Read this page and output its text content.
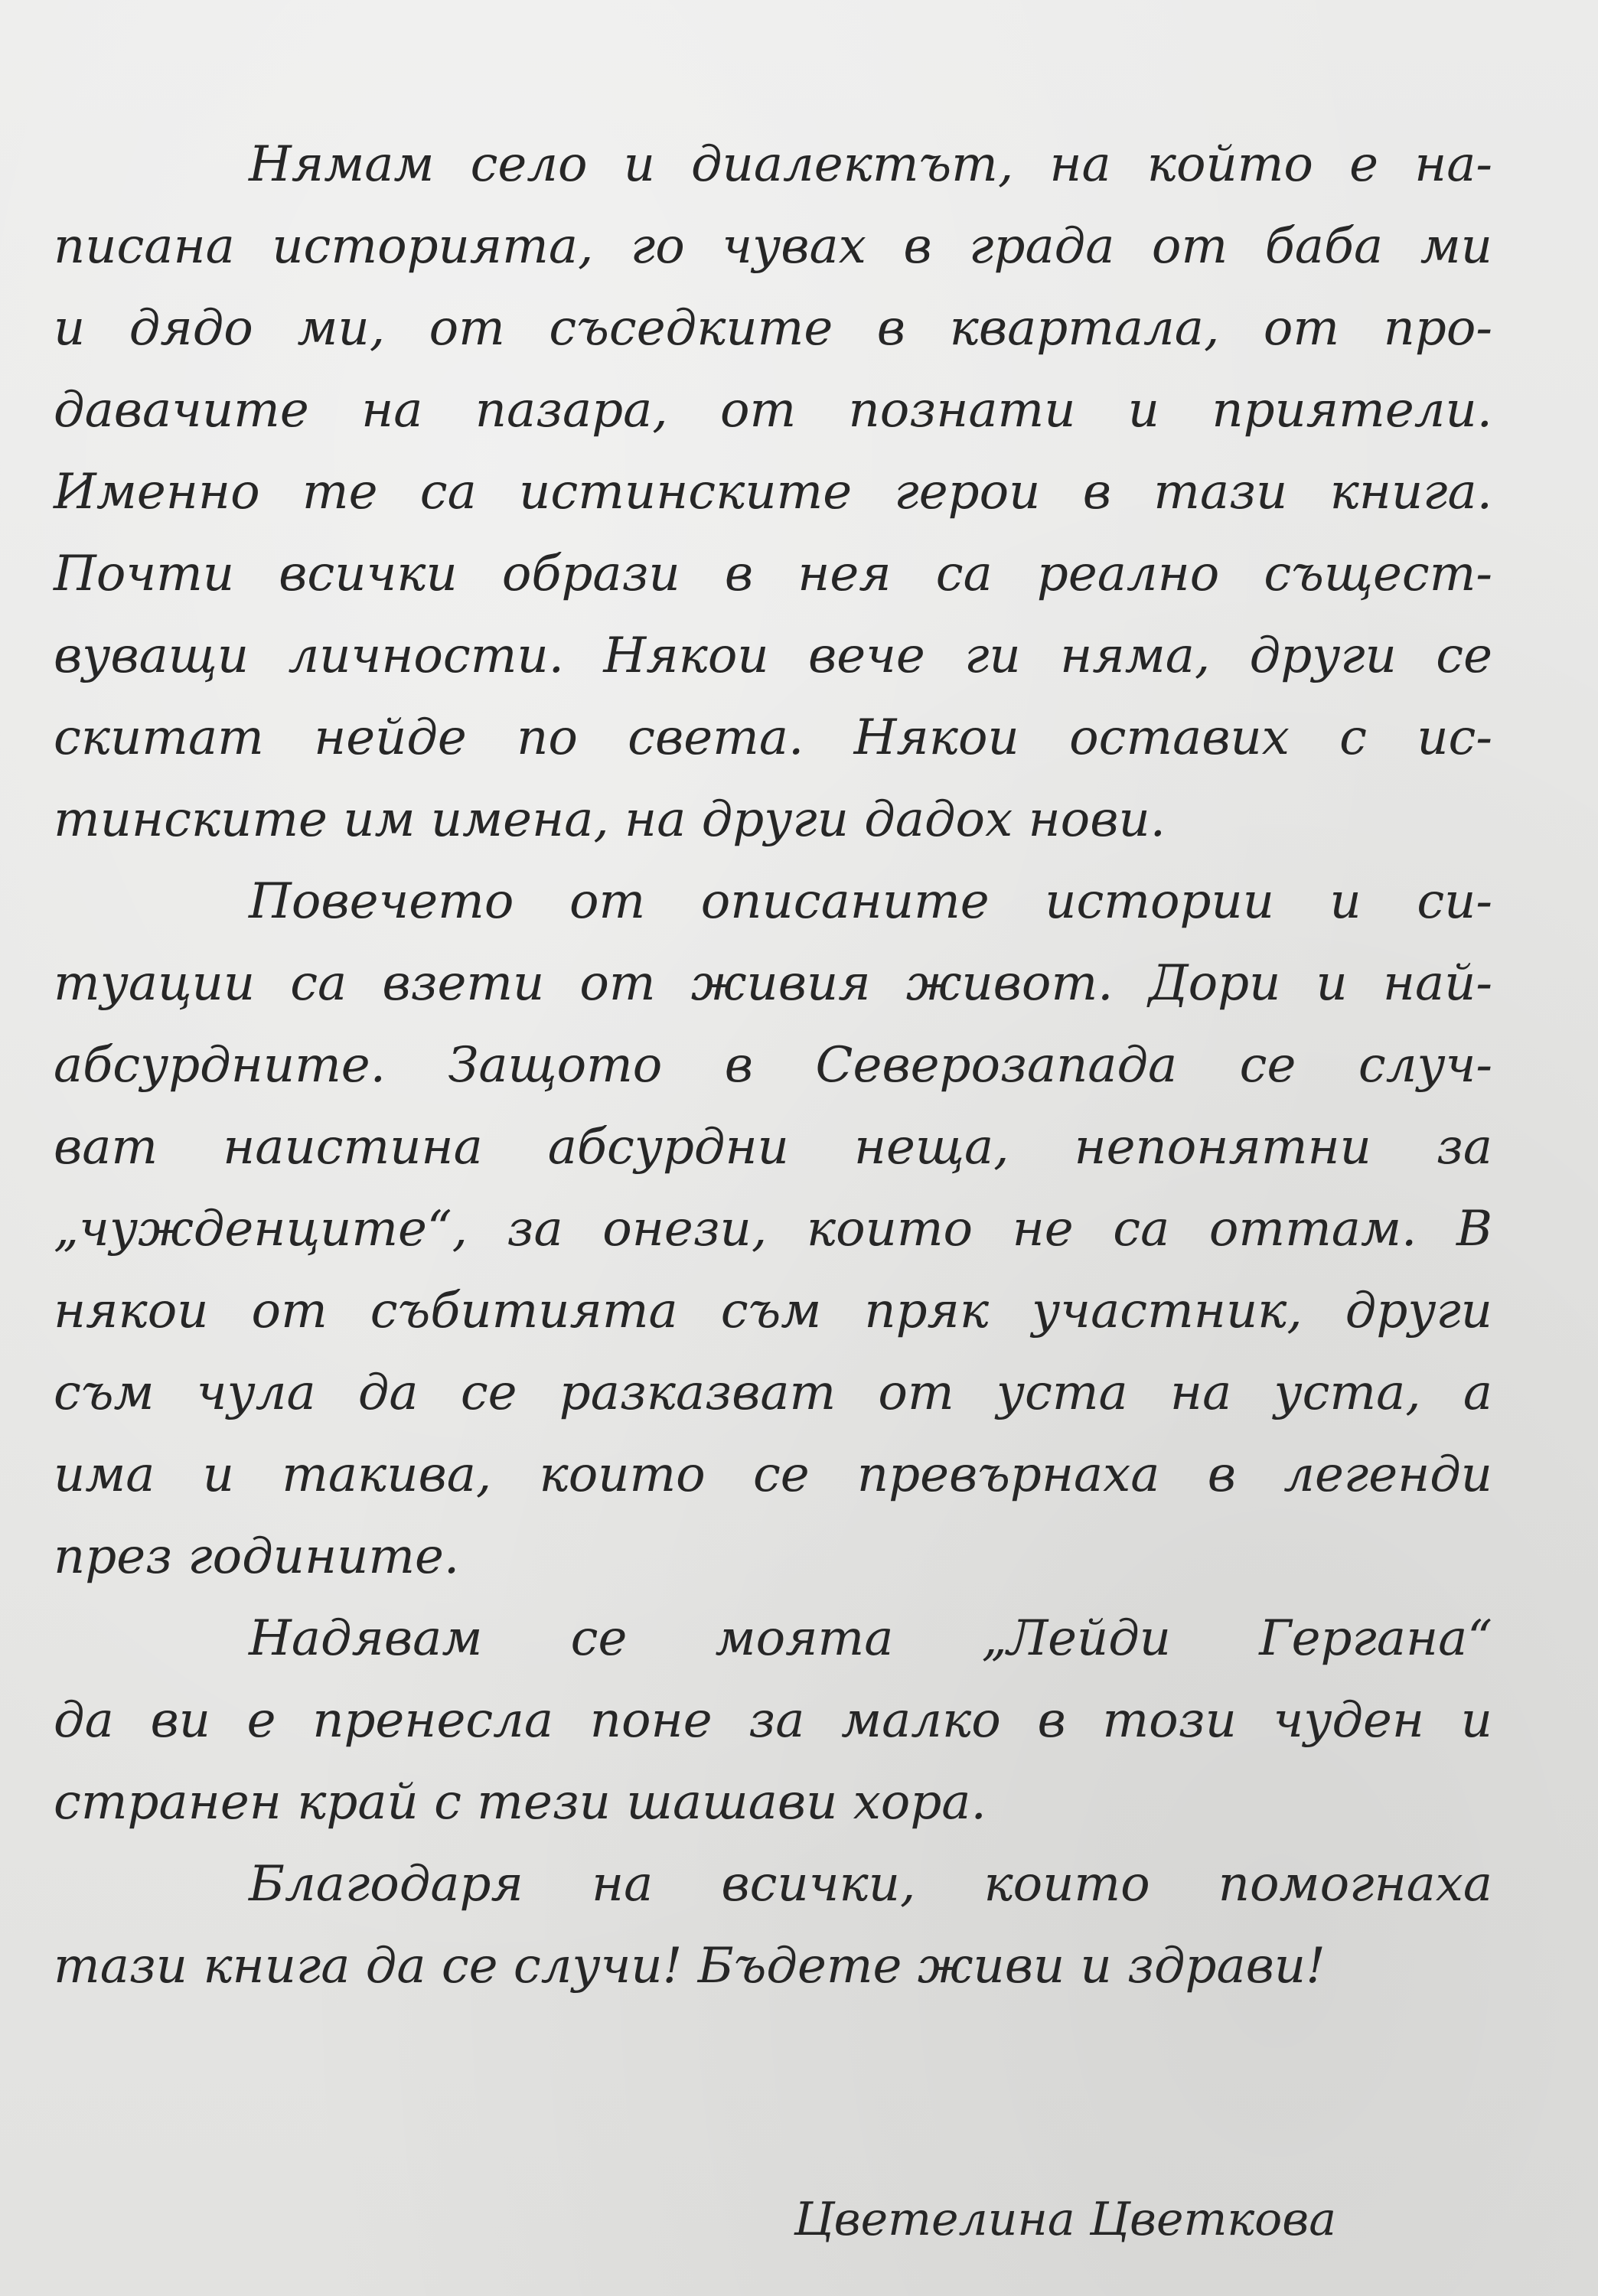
Нямам село и диалектът, на който е на-
писана историята, го чувах в града от баба ми
и дядо ми, от съседките в квартала, от про-
давачите на пазара, от познати и приятели.
Именно те са истинските герои в тази книга.
Почти всички образи в нея са реално същест-
вуващи личности. Някои вече ги няма, други се
скитат нейде по света. Някои оставих с ис-
тинските им имена, на други дадох нови.
Повечето от описаните истории и си-
туации са взети от живия живот. Дори и най-
абсурдните. Защото в Северозапада се случ-
ват наистина абсурдни неща, непонятни за
„чужденците“, за онези, които не са оттам. В
някои от събитията съм пряк участник, други
съм чула да се разказват от уста на уста, а
има и такива, които се превърнаха в легенди
през годините.
Надявам се моята „Лейди Гергана“
да ви е пренесла поне за малко в този чуден и
странен край с тези шашави хора.
Благодаря на всички, които помогнаха
тази книга да се случи! Бъдете живи и здрави!
Цветелина Цветкова
